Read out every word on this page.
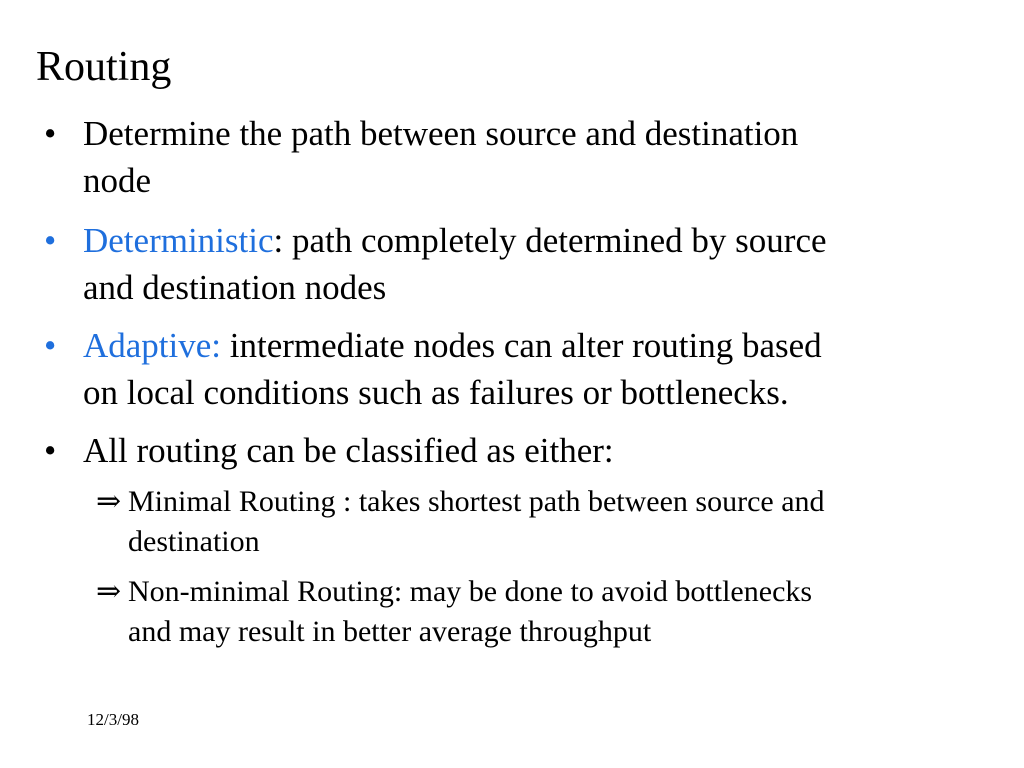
Routing
• Determine the path between source and destination
node
• Deterministic: path completely determined by source
and destination nodes
• Adaptive: intermediate nodes can alter routing based
on local conditions such as failures or bottlenecks.
• All routing can be classified as either:
⇒ Minimal Routing : takes shortest path between source and
destination
⇒ Non-minimal Routing: may be done to avoid bottlenecks
and may result in better average throughput
12/3/98
